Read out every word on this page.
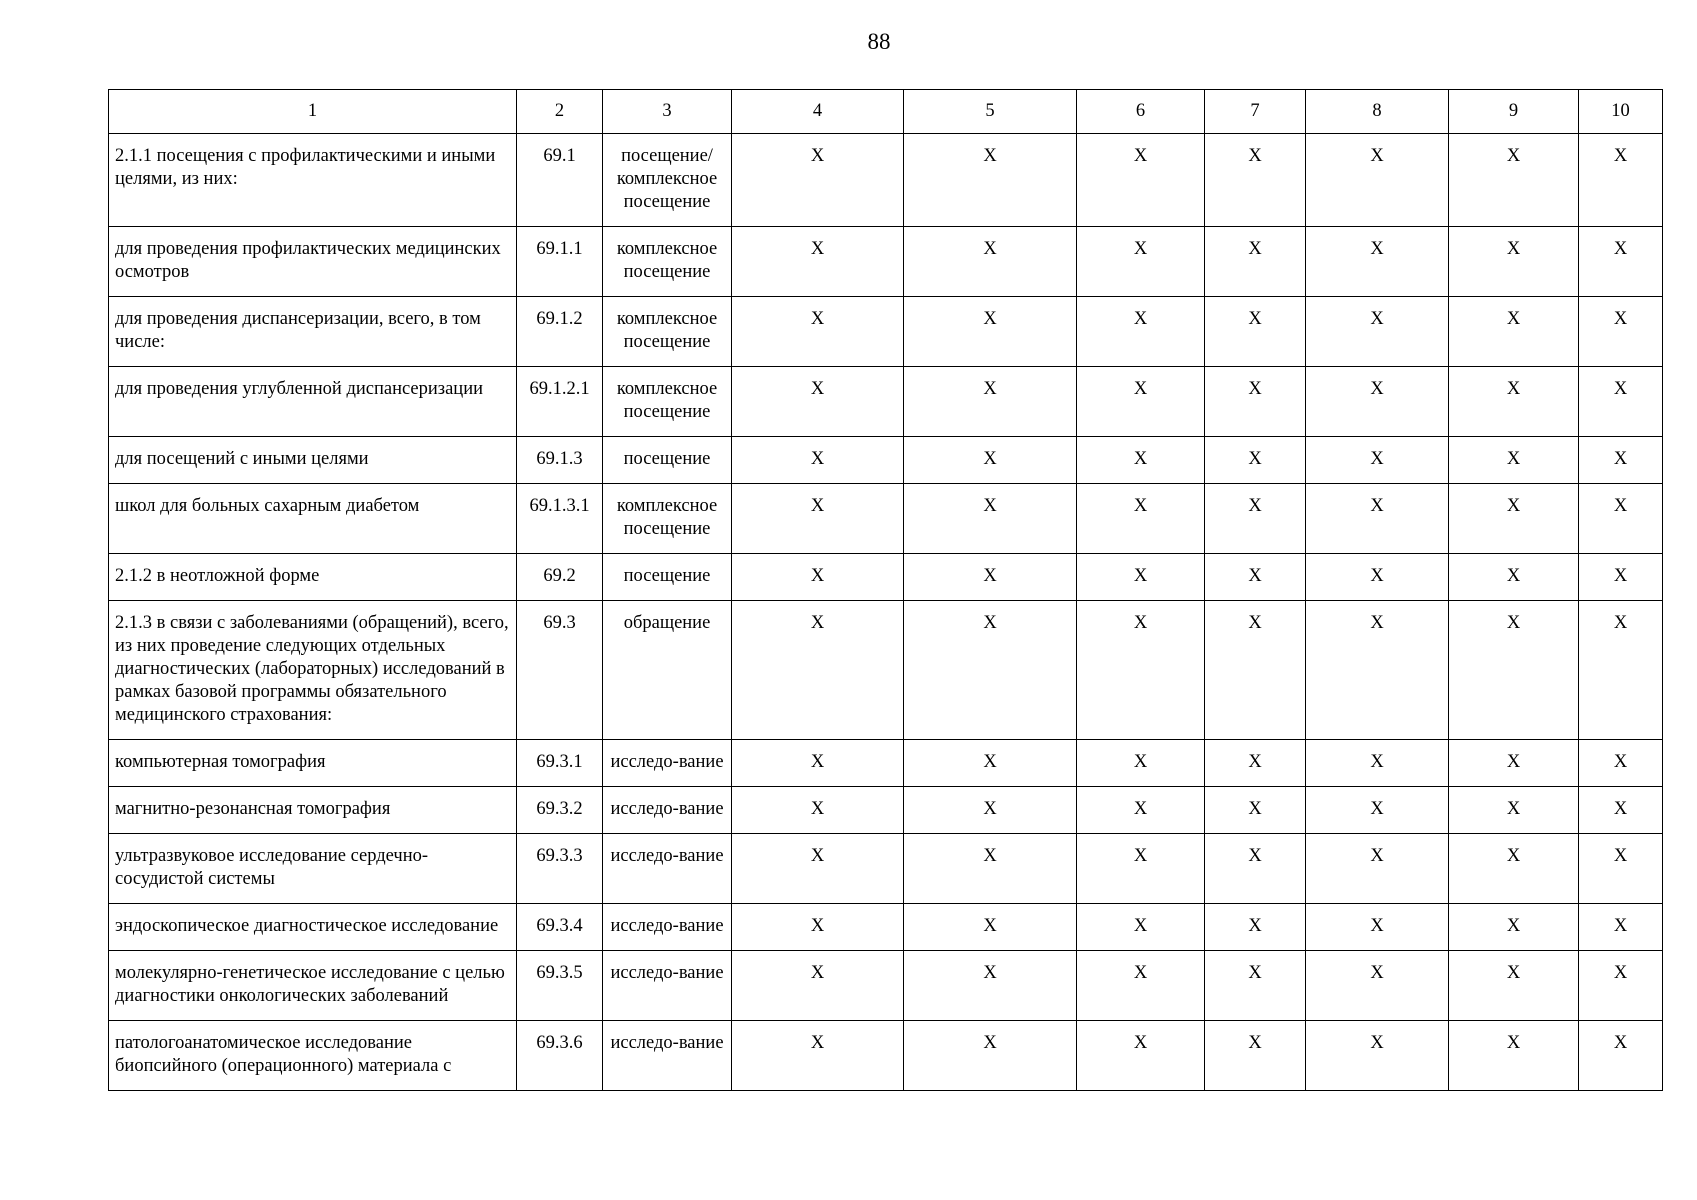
88
1	2	3	4	5	6	7	8	9	10
2.1.1 посещения с профилактическими и иными целями, из них:	69.1	посещение/ комплексное посещение	Х	Х	Х	Х	Х	Х	Х
для проведения профилактических медицинских осмотров	69.1.1	комплексное посещение	Х	Х	Х	Х	Х	Х	Х
для проведения диспансеризации, всего, в том числе:	69.1.2	комплексное посещение	Х	Х	Х	Х	Х	Х	Х
для проведения углубленной диспансеризации	69.1.2.1	комплексное посещение	Х	Х	Х	Х	Х	Х	Х
для посещений с иными целями	69.1.3	посещение	Х	Х	Х	Х	Х	Х	Х
школ для больных сахарным диабетом	69.1.3.1	комплексное посещение	Х	Х	Х	Х	Х	Х	Х
2.1.2 в неотложной форме	69.2	посещение	Х	Х	Х	Х	Х	Х	Х
2.1.3 в связи с заболеваниями (обращений), всего, из них проведение следующих отдельных диагностических (лабораторных) исследований в рамках базовой программы обязательного медицинского страхования:	69.3	обращение	Х	Х	Х	Х	Х	Х	Х
компьютерная томография	69.3.1	исследо-вание	Х	Х	Х	Х	Х	Х	Х
магнитно-резонансная томография	69.3.2	исследо-вание	Х	Х	Х	Х	Х	Х	Х
ультразвуковое исследование сердечно-сосудистой системы	69.3.3	исследо-вание	Х	Х	Х	Х	Х	Х	Х
эндоскопическое диагностическое исследование	69.3.4	исследо-вание	Х	Х	Х	Х	Х	Х	Х
молекулярно-генетическое исследование с целью диагностики онкологических заболеваний	69.3.5	исследо-вание	Х	Х	Х	Х	Х	Х	Х
патологоанатомическое исследование биопсийного (операционного) материала с	69.3.6	исследо-вание	Х	Х	Х	Х	Х	Х	Х
